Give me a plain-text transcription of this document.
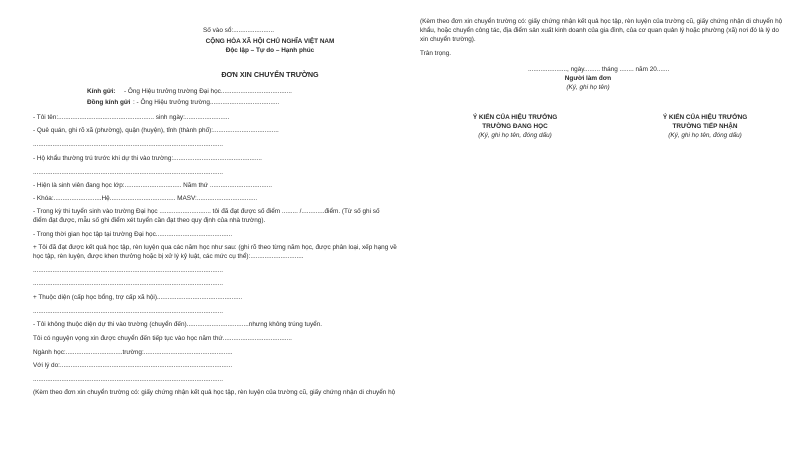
Số vào sổ:.......................
CỘNG HÒA XÃ HỘI CHỦ NGHĨA VIỆT NAM
Độc lập – Tự do – Hạnh phúc
ĐƠN XIN CHUYỂN TRƯỜNG
Kính gửi: - Ông Hiệu trưởng trường Đại học........................................
Đồng kính gửi : - Ông Hiệu trưởng trường.......................................
- Tôi tên:...................................................... sinh ngày:.........................
- Quê quán, ghi rõ xã (phường), quận (huyện), tỉnh (thành phố):.....................................
...........................................................................................................
- Hộ khẩu thường trú trước khi dự thi vào trường:..................................................
...........................................................................................................
- Hiện là sinh viên đang học lớp:................................ Năm thứ ...................................
- Khóa:...........................Hệ..................................... MASV:..................................
- Trong kỳ thi tuyển sinh vào trường Đại học ............................. tôi đã đạt được số điểm ......... /.............điểm. (Từ số ghi số
điểm đạt được, mẫu số ghi điểm xét tuyển cần đạt theo quy định của nhà trường).
- Trong thời gian học tập tại trường Đại học...........................................
+ Tôi đã đạt được kết quả học tập, rèn luyện qua các năm học như sau: (ghi rõ theo từng năm học, được phân loại, xếp hạng về
học tập, rèn luyện, được khen thưởng hoặc bị xử lý kỷ luật, các mức cụ thể):..............................
...........................................................................................................
...........................................................................................................
+ Thuộc diện (cấp học bổng, trợ cấp xã hội)................................................
...........................................................................................................
- Tôi không thuộc diện dự thi vào trường (chuyển đến)...................................nhưng không trúng tuyển.
Tôi có nguyện vọng xin được chuyển đến tiếp tục vào học năm thứ.......................................
Ngành học:................................trường:..................................................
Với lý do:.................................................................................................
...........................................................................................................
(Kèm theo đơn xin chuyển trường có: giấy chứng nhận kết quả học tập, rèn luyện của trường cũ, giấy chứng nhận di chuyển hộ
(Kèm theo đơn xin chuyển trường có: giấy chứng nhận kết quả học tập, rèn luyện của trường cũ, giấy chứng nhận di chuyển hộ
khẩu, hoặc chuyển công tác, địa điểm sản xuất kinh doanh của gia đình, của cơ quan quản lý hoặc phường (xã) nơi đó là lý do
xin chuyển trường).
Trân trọng.
......................, ngày......... tháng ........ năm 20.......
Người làm đơn
(Ký, ghi họ tên)
Ý KIẾN CỦA HIỆU TRƯỞNG
TRƯỜNG ĐANG HỌC
(Ký, ghi họ tên, đóng dấu)
Ý KIẾN CỦA HIỆU TRƯỞNG
TRƯỜNG TIẾP NHẬN
(Ký, ghi họ tên, đóng dấu)
